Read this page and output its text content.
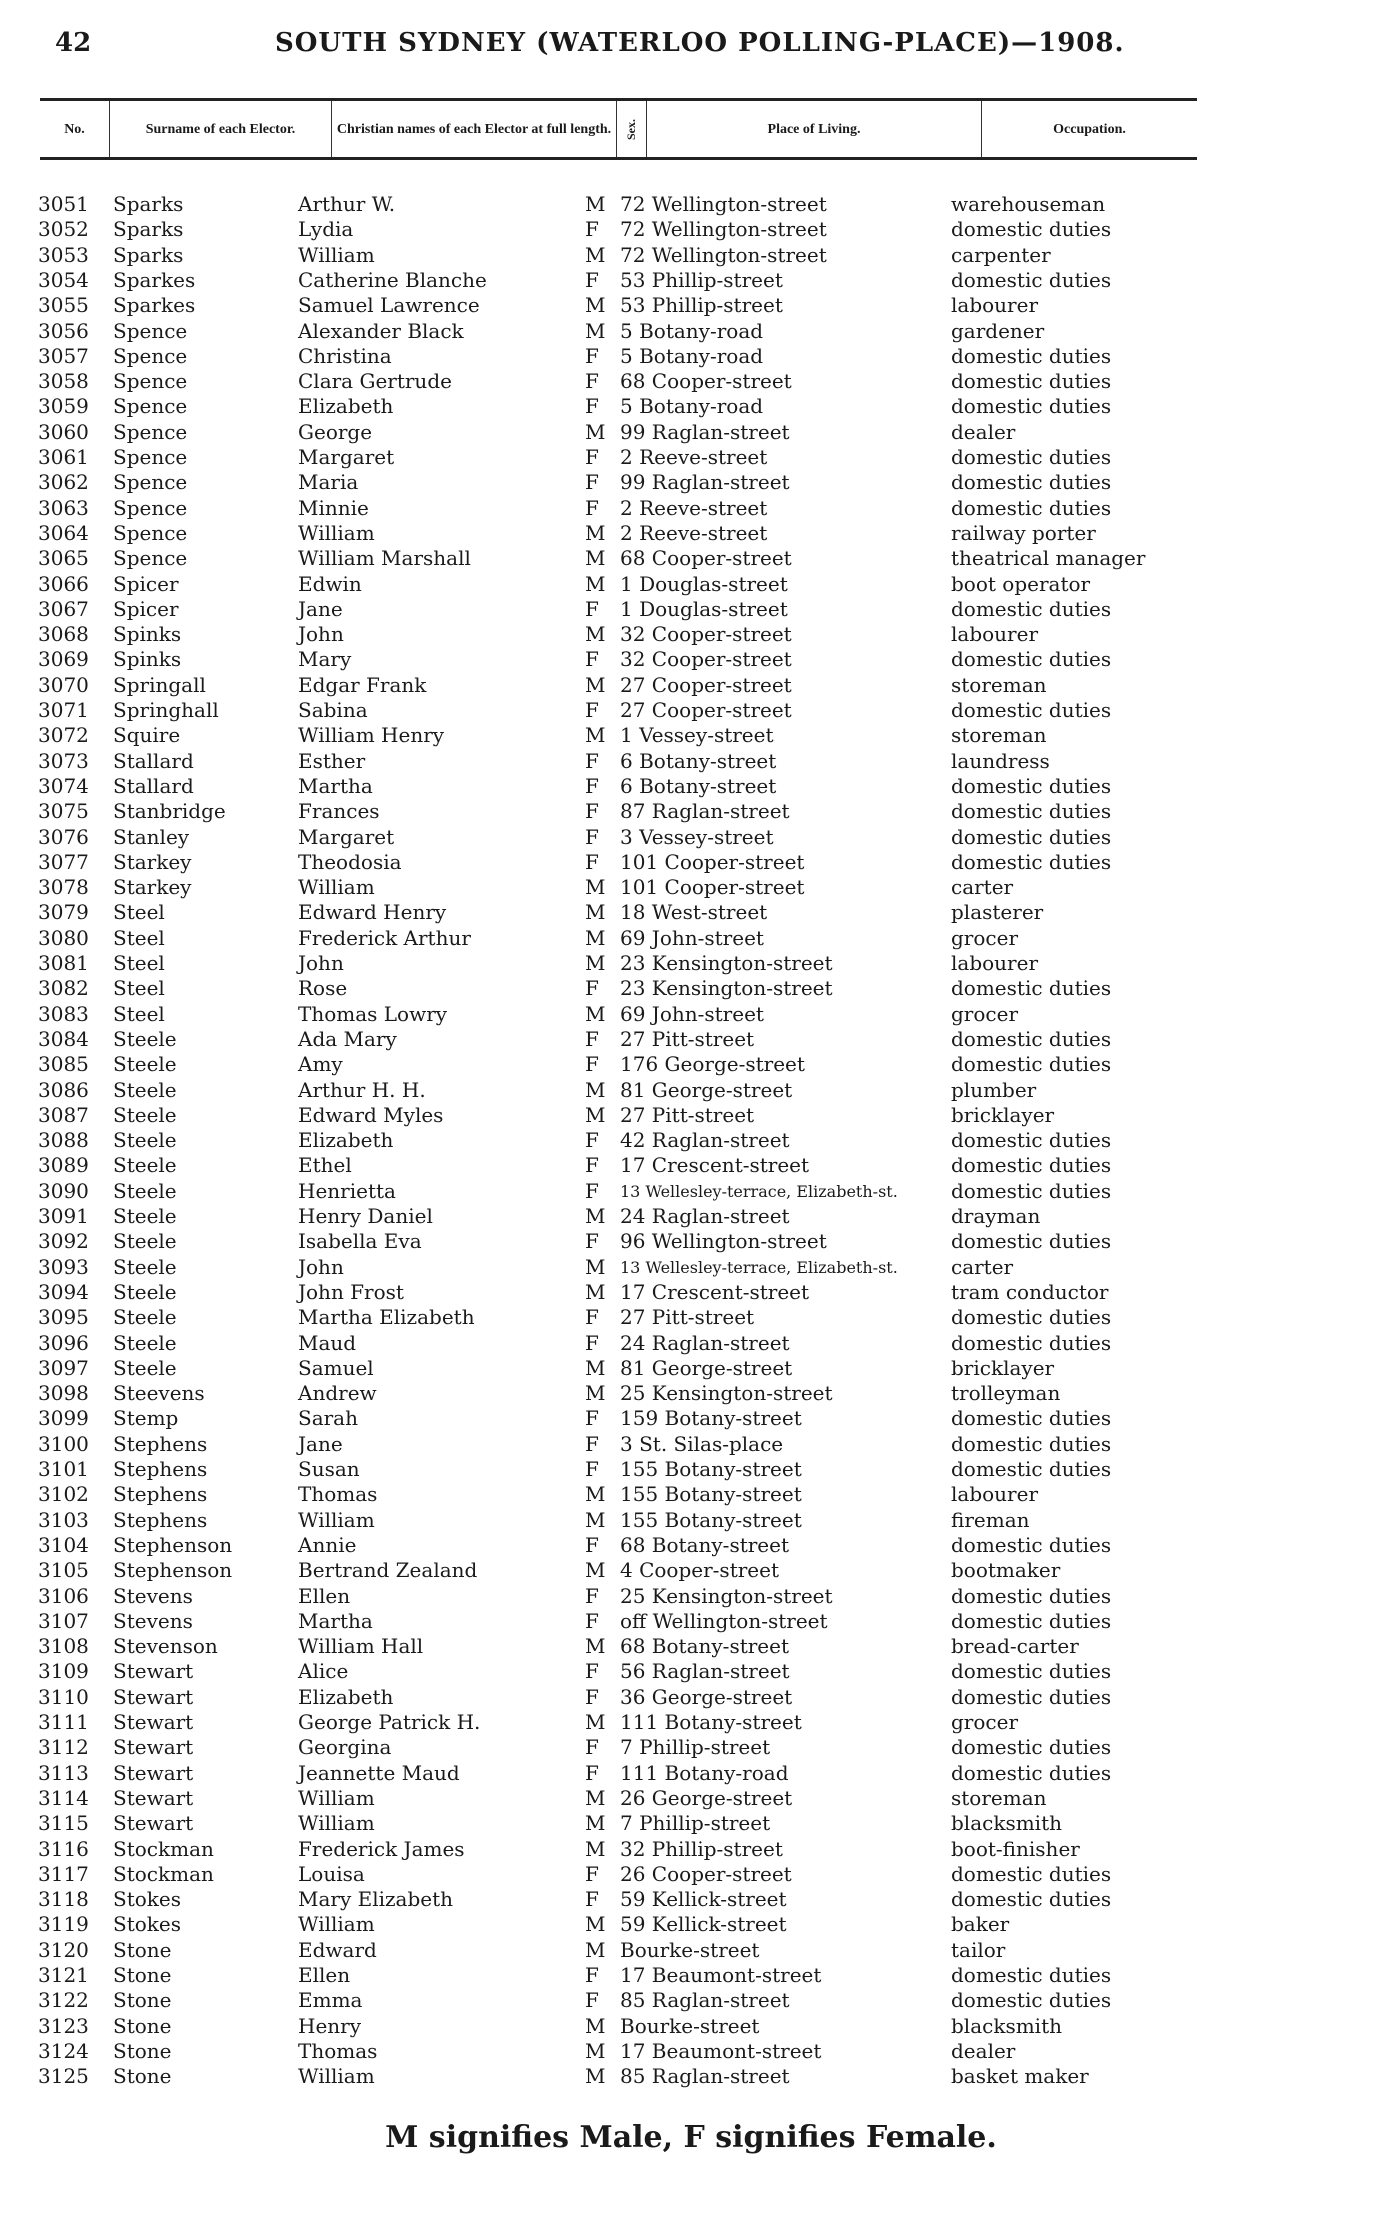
42	SOUTH SYDNEY (WATERLOO POLLING-PLACE)—1908.
No.	Surname of each Elector.	Christian names of each Elector at full length. Sex.	Place of Living.	Occupation.
3051 Sparks	Arthur W.	M 72 Wellington-street	warehouseman
3052 Sparks	Lydia	F 72 Wellington-street	domestic duties
3053 Sparks	William	M 72 Wellington-street	carpenter
3054 Sparkes	Catherine Blanche	F 53 Phillip-street	domestic duties
3055 Sparkes	Samuel Lawrence	M 53 Phillip-street	labourer
3056 Spence	Alexander Black	M 5 Botany-road	gardener
3057 Spence	Christina	F 5 Botany-road	domestic duties
3058 Spence	Clara Gertrude	F 68 Cooper-street	domestic duties
3059 Spence	Elizabeth	F 5 Botany-road	domestic duties
3060 Spence	George	M 99 Raglan-street	dealer
3061 Spence	Margaret	F 2 Reeve-street	domestic duties
3062 Spence	Maria	F 99 Raglan-street	domestic duties
3063 Spence	Minnie	F 2 Reeve-street	domestic duties
3064 Spence	William	M 2 Reeve-street	railway porter
3065 Spence	William Marshall	M 68 Cooper-street	theatrical manager
3066 Spicer	Edwin	M 1 Douglas-street	boot operator
3067 Spicer	Jane	F 1 Douglas-street	domestic duties
3068 Spinks	John	M 32 Cooper-street	labourer
3069 Spinks	Mary	F 32 Cooper-street	domestic duties
3070 Springall	Edgar Frank	M 27 Cooper-street	storeman
3071 Springhall	Sabina	F 27 Cooper-street	domestic duties
3072 Squire	William Henry	M 1 Vessey-street	storeman
3073 Stallard	Esther	F 6 Botany-street	laundress
3074 Stallard	Martha	F 6 Botany-street	domestic duties
3075 Stanbridge	Frances	F 87 Raglan-street	domestic duties
3076 Stanley	Margaret	F 3 Vessey-street	domestic duties
3077 Starkey	Theodosia	F 101 Cooper-street	domestic duties
3078 Starkey	William	M 101 Cooper-street	carter
3079 Steel	Edward Henry	M 18 West-street	plasterer
3080 Steel	Frederick Arthur	M 69 John-street	grocer
3081 Steel	John	M 23 Kensington-street	labourer
3082 Steel	Rose	F 23 Kensington-street	domestic duties
3083 Steel	Thomas Lowry	M 69 John-street	grocer
3084 Steele	Ada Mary	F 27 Pitt-street	domestic duties
3085 Steele	Amy	F 176 George-street	domestic duties
3086 Steele	Arthur H. H.	M 81 George-street	plumber
3087 Steele	Edward Myles	M 27 Pitt-street	bricklayer
3088 Steele	Elizabeth	F 42 Raglan-street	domestic duties
3089 Steele	Ethel	F 17 Crescent-street	domestic duties
3090 Steele	Henrietta	F 13 Wellesley-terrace, Elizabeth-st.	domestic duties
3091 Steele	Henry Daniel	M 24 Raglan-street	drayman
3092 Steele	Isabella Eva	F 96 Wellington-street	domestic duties
3093 Steele	John	M 13 Wellesley-terrace, Elizabeth-st.	carter
3094 Steele	John Frost	M 17 Crescent-street	tram conductor
3095 Steele	Martha Elizabeth	F 27 Pitt-street	domestic duties
3096 Steele	Maud	F 24 Raglan-street	domestic duties
3097 Steele	Samuel	M 81 George-street	bricklayer
3098 Steevens	Andrew	M 25 Kensington-street	trolleyman
3099 Stemp	Sarah	F 159 Botany-street	domestic duties
3100 Stephens	Jane	F 3 St. Silas-place	domestic duties
3101 Stephens	Susan	F 155 Botany-street	domestic duties
3102 Stephens	Thomas	M 155 Botany-street	labourer
3103 Stephens	William	M 155 Botany-street	fireman
3104 Stephenson	Annie	F 68 Botany-street	domestic duties
3105 Stephenson	Bertrand Zealand	M 4 Cooper-street	bootmaker
3106 Stevens	Ellen	F 25 Kensington-street	domestic duties
3107 Stevens	Martha	F off Wellington-street	domestic duties
3108 Stevenson	William Hall	M 68 Botany-street	bread-carter
3109 Stewart	Alice	F 56 Raglan-street	domestic duties
3110 Stewart	Elizabeth	F 36 George-street	domestic duties
3111 Stewart	George Patrick H.	M 111 Botany-street	grocer
3112 Stewart	Georgina	F 7 Phillip-street	domestic duties
3113 Stewart	Jeannette Maud	F 111 Botany-road	domestic duties
3114 Stewart	William	M 26 George-street	storeman
3115 Stewart	William	M 7 Phillip-street	blacksmith
3116 Stockman	Frederick James	M 32 Phillip-street	boot-finisher
3117 Stockman	Louisa	F 26 Cooper-street	domestic duties
3118 Stokes	Mary Elizabeth	F 59 Kellick-street	domestic duties
3119 Stokes	William	M 59 Kellick-street	baker
3120 Stone	Edward	M Bourke-street	tailor
3121 Stone	Ellen	F 17 Beaumont-street	domestic duties
3122 Stone	Emma	F 85 Raglan-street	domestic duties
3123 Stone	Henry	M Bourke-street	blacksmith
3124 Stone	Thomas	M 17 Beaumont-street	dealer
3125 Stone	William	M 85 Raglan-street	basket maker
M signifies Male, F signifies Female.
